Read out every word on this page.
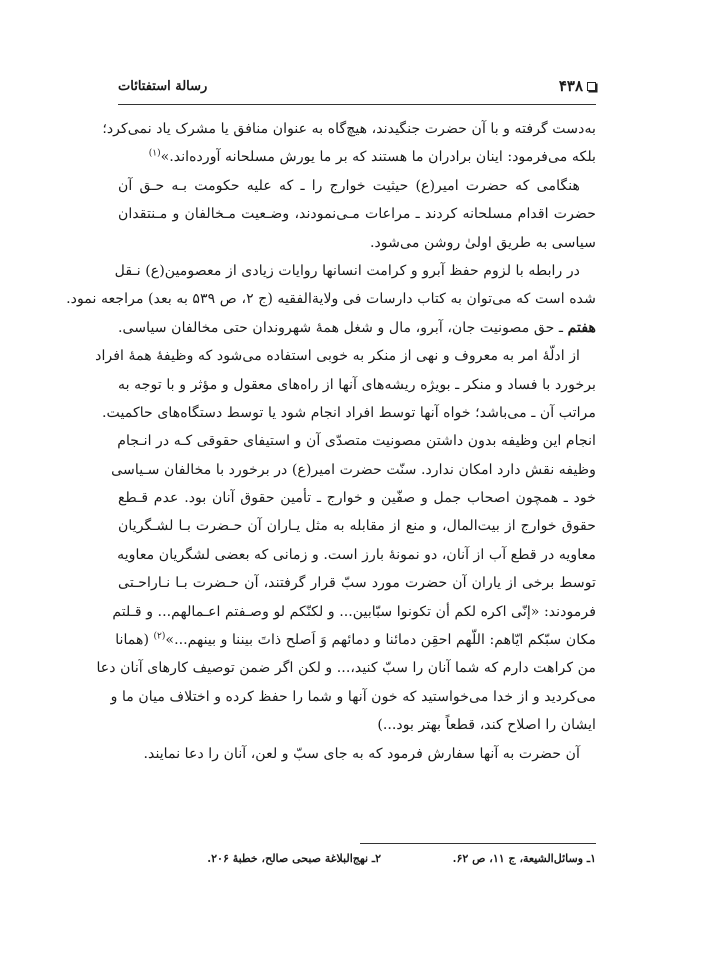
رسالة استفتائات	۴۳۸
به‌دست گرفته و با آن حضرت جنگیدند، هیچ‌گاه به عنوان منافق یا مشرک یاد نمی‌کرد؛
بلکه می‌فرمود: اینان برادران ما هستند که بر ما یورش مسلحانه آورده‌اند.»$^{(۱)}$
هنگامی که حضرت امیر(ع) حیثیت خوارج را ـ که علیه حکومت بـه حـق آن
حضرت اقدام مسلحانه کردند ـ مراعات مـی‌نمودند، وضـعیت مـخالفان و مـنتقدان
سیاسی به طریق اولیٰ روشن می‌شود.
در رابطه با لزوم حفظ آبرو و کرامت انسانها روایات زیادی از معصومین(ع) نـقل
شده است که می‌توان به کتاب دارسات فی ولایةالفقیه (ج ۲، ص ۵۳۹ به بعد) مراجعه نمود.
هفتم ـ حق مصونیت جان، آبرو، مال و شغل همهٔ شهروندان حتی مخالفان سیاسی.
از ادلّهٔ امر به معروف و نهی از منکر به خوبی استفاده می‌شود که وظیفهٔ همهٔ افراد
برخورد با فساد و منکر ـ بویژه ریشه‌های آنها از راه‌های معقول و مؤثر و با توجه به
مراتب آن ـ می‌باشد؛ خواه آنها توسط افراد انجام شود یا توسط دستگاه‌های حاکمیت.
انجام این وظیفه بدون داشتن مصونیت متصدّی آن و استیفای حقوقی کـه در انـجام
وظیفه نقش دارد امکان ندارد. سنّت حضرت امیر(ع) در برخورد با مخالفان سـیاسی
خود ـ همچون اصحاب جمل و صفّین و خوارج ـ تأمین حقوق آنان بود. عدم قـطع
حقوق خوارج از بیت‌المال، و منع از مقابله به مثل یـاران آن حـضرت بـا لشـگریان
معاویه در قطع آب از آنان، دو نمونهٔ بارز است. و زمانی که بعضی لشگریان معاویه
توسط برخی از یاران آن حضرت مورد سبّ قرار گرفتند، آن حـضرت بـا نـاراحـتی
فرمودند: «إنّی اکره لکم أن تکونوا سبّابین... و لکنّکم لو وصـفتم اعـمالهم... و قـلتم
مکان سبّکم ایّاهم: اللّهم احقِن دمائنا و دمائهم وَ اَصلح ذاتَ بیننا و بینهم...»$^{(۲)}$ (همانا
من کراهت دارم که شما آنان را سبّ کنید،... و لکن اگر ضمن توصیف کارهای آنان دعا
می‌کردید و از خدا می‌خواستید که خون آنها و شما را حفظ کرده و اختلاف میان ما و
ایشان را اصلاح کند، قطعاً بهتر بود...)
آن حضرت به آنها سفارش فرمود که به جای سبّ و لعن، آنان را دعا نمایند.
۱ـ وسائل‌الشیعة، ج ۱۱، ص ۶۲.
۲ـ نهج‌البلاغة صبحی صالح، خطبهٔ ۲۰۶.
